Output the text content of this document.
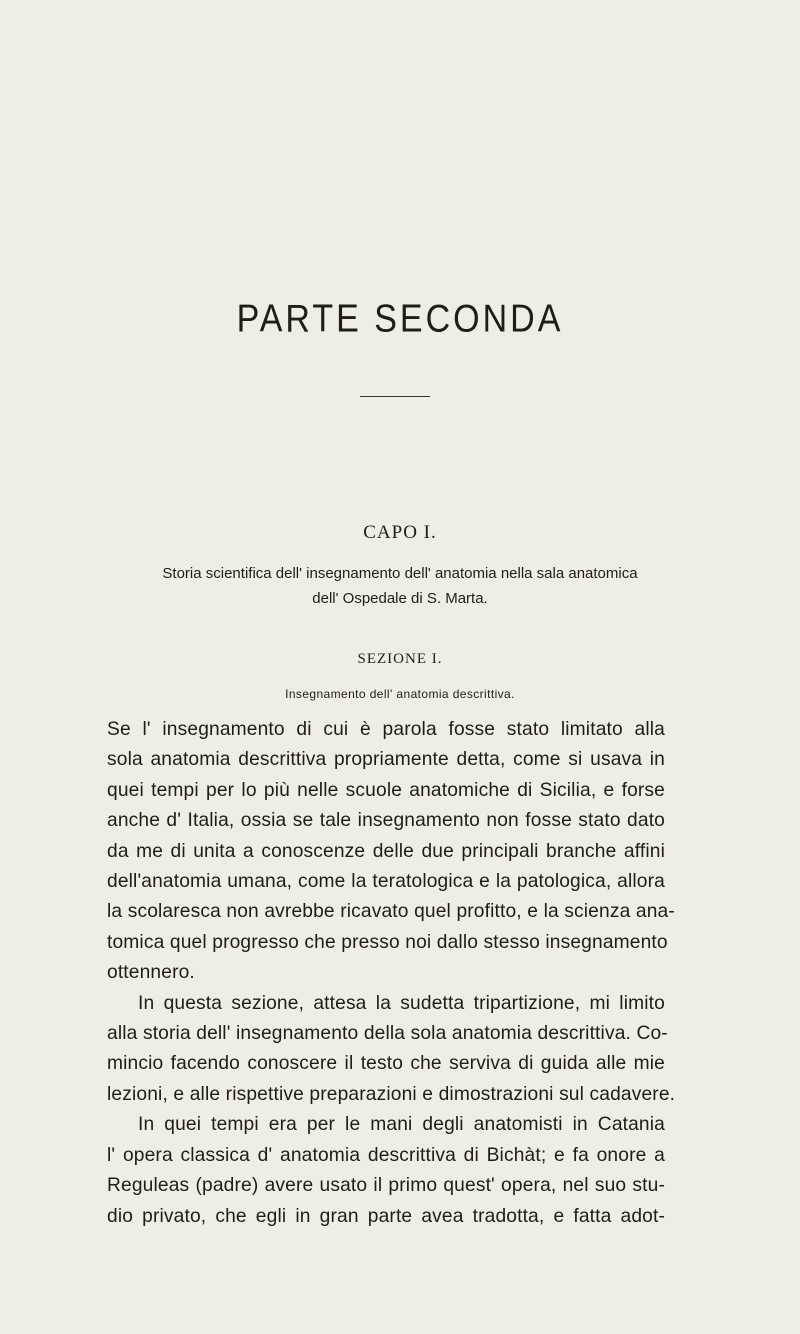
PARTE SECONDA
CAPO I.
Storia scientifica dell' insegnamento dell' anatomia nella sala anatomica
dell' Ospedale di S. Marta.
SEZIONE I.
Insegnamento dell' anatomia descrittiva.
Se l' insegnamento di cui è parola fosse stato limitato alla
sola anatomia descrittiva propriamente detta, come si usava in
quei tempi per lo più nelle scuole anatomiche di Sicilia, e forse
anche d' Italia, ossia se tale insegnamento non fosse stato dato
da me di unita a conoscenze delle due principali branche affini
dell'anatomia umana, come la teratologica e la patologica, allora
la scolaresca non avrebbe ricavato quel profitto, e la scienza ana-
tomica quel progresso che presso noi dallo stesso insegnamento
ottennero.
In questa sezione, attesa la sudetta tripartizione, mi limito
alla storia dell' insegnamento della sola anatomia descrittiva. Co-
mincio facendo conoscere il testo che serviva di guida alle mie
lezioni, e alle rispettive preparazioni e dimostrazioni sul cadavere.
In quei tempi era per le mani degli anatomisti in Catania
l' opera classica d' anatomia descrittiva di Bichàt; e fa onore a
Reguleas (padre) avere usato il primo quest' opera, nel suo stu-
dio privato, che egli in gran parte avea tradotta, e fatta adot-
